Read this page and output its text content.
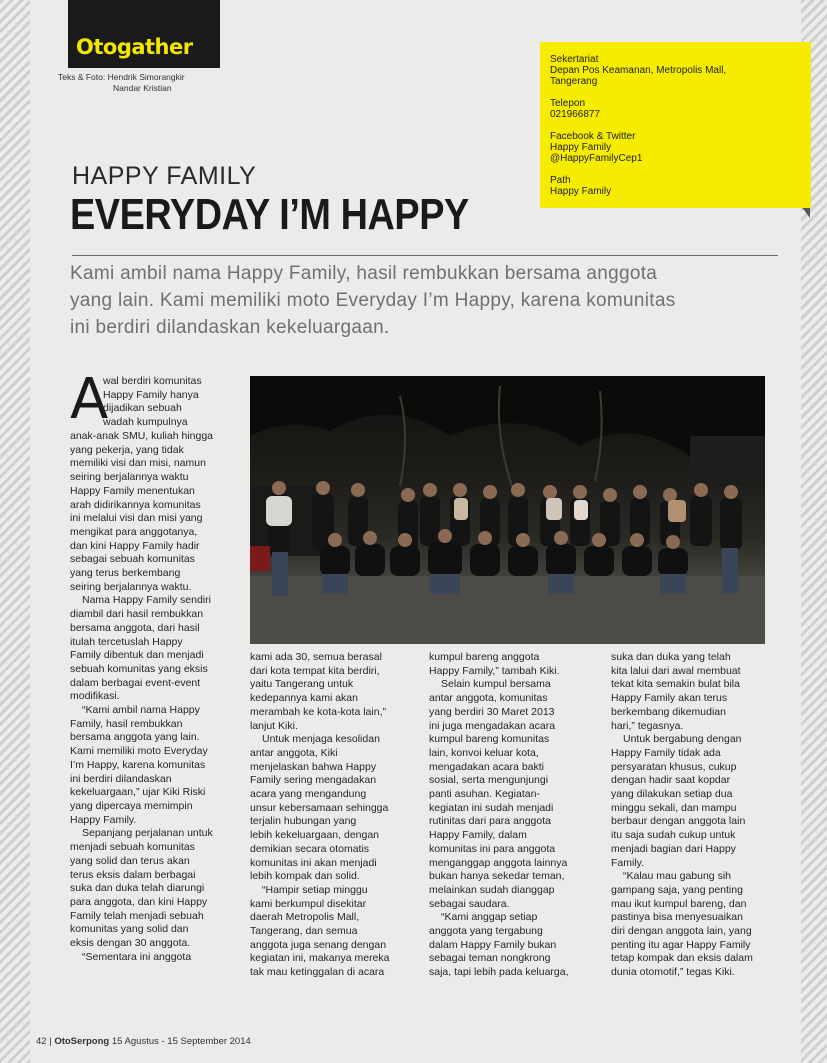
Otogather
Teks & Foto: Hendrik Simorangkir
Nandar Kristian
Sekertariat
Depan Pos Keamanan, Metropolis Mall,
Tangerang
Telepon
021966877
Facebook & Twitter
Happy Family
@HappyFamilyCep1
Path
Happy Family
HAPPY FAMILY
EVERYDAY I’M HAPPY
Kami ambil nama Happy Family, hasil rembukkan bersama anggota
yang lain. Kami memiliki moto Everyday I’m Happy, karena komunitas
ini berdiri dilandaskan kekeluargaan.
A
wal berdiri komunitas
Happy Family hanya
dijadikan sebuah
wadah kumpulnya
anak-anak SMU, kuliah hingga
yang pekerja, yang tidak
memiliki visi dan misi, namun
seiring berjalannya waktu
Happy Family menentukan
arah didirikannya komunitas
ini melalui visi dan misi yang
mengikat para anggotanya,
dan kini Happy Family hadir
sebagai sebuah komunitas
yang terus berkembang
seiring berjalannya waktu.
Nama Happy Family sendiri
diambil dari hasil rembukkan
bersama anggota, dari hasil
itulah tercetuslah Happy
Family dibentuk dan menjadi
sebuah komunitas yang eksis
dalam berbagai event-event
modifikasi.
“Kami ambil nama Happy
Family, hasil rembukkan
bersama anggota yang lain.
Kami memiliki moto Everyday
I’m Happy, karena komunitas
ini berdiri dilandaskan
kekeluargaan,” ujar Kiki Riski
yang dipercaya memimpin
Happy Family.
Sepanjang perjalanan untuk
menjadi sebuah komunitas
yang solid dan terus akan
terus eksis dalam berbagai
suka dan duka telah diarungi
para anggota, dan kini Happy
Family telah menjadi sebuah
komunitas yang solid dan
eksis dengan 30 anggota.
“Sementara ini anggota
kami ada 30, semua berasal
dari kota tempat kita berdiri,
yaitu Tangerang untuk
kedepannya kami akan
merambah ke kota-kota lain,”
lanjut Kiki.
Untuk menjaga kesolidan
antar anggota, Kiki
menjelaskan bahwa Happy
Family sering mengadakan
acara yang mengandung
unsur kebersamaan sehingga
terjalin hubungan yang
lebih kekeluargaan, dengan
demikian secara otomatis
komunitas ini akan menjadi
lebih kompak dan solid.
“Hampir setiap minggu
kami berkumpul disekitar
daerah Metropolis Mall,
Tangerang, dan semua
anggota juga senang dengan
kegiatan ini, makanya mereka
tak mau ketinggalan di acara
kumpul bareng anggota
Happy Family,” tambah Kiki.
Selain kumpul bersama
antar anggota, komunitas
yang berdiri 30 Maret 2013
ini juga mengadakan acara
kumpul bareng komunitas
lain, konvoi keluar kota,
mengadakan acara bakti
sosial, serta mengunjungi
panti asuhan. Kegiatan-
kegiatan ini sudah menjadi
rutinitas dari para anggota
Happy Family, dalam
komunitas ini para anggota
menganggap anggota lainnya
bukan hanya sekedar teman,
melainkan sudah dianggap
sebagai saudara.
“Kami anggap setiap
anggota yang tergabung
dalam Happy Family bukan
sebagai teman nongkrong
saja, tapi lebih pada keluarga,
suka dan duka yang telah
kita lalui dari awal membuat
tekat kita semakin bulat bila
Happy Family akan terus
berkembang dikemudian
hari,” tegasnya.
Untuk bergabung dengan
Happy Family tidak ada
persyaratan khusus, cukup
dengan hadir saat kopdar
yang dilakukan setiap dua
minggu sekali, dan mampu
berbaur dengan anggota lain
itu saja sudah cukup untuk
menjadi bagian dari Happy
Family.
“Kalau mau gabung sih
gampang saja, yang penting
mau ikut kumpul bareng, dan
pastinya bisa menyesuaikan
diri dengan anggota lain, yang
penting itu agar Happy Family
tetap kompak dan eksis dalam
dunia otomotif,” tegas Kiki.
42 | OtoSerpong 15 Agustus - 15 September 2014
